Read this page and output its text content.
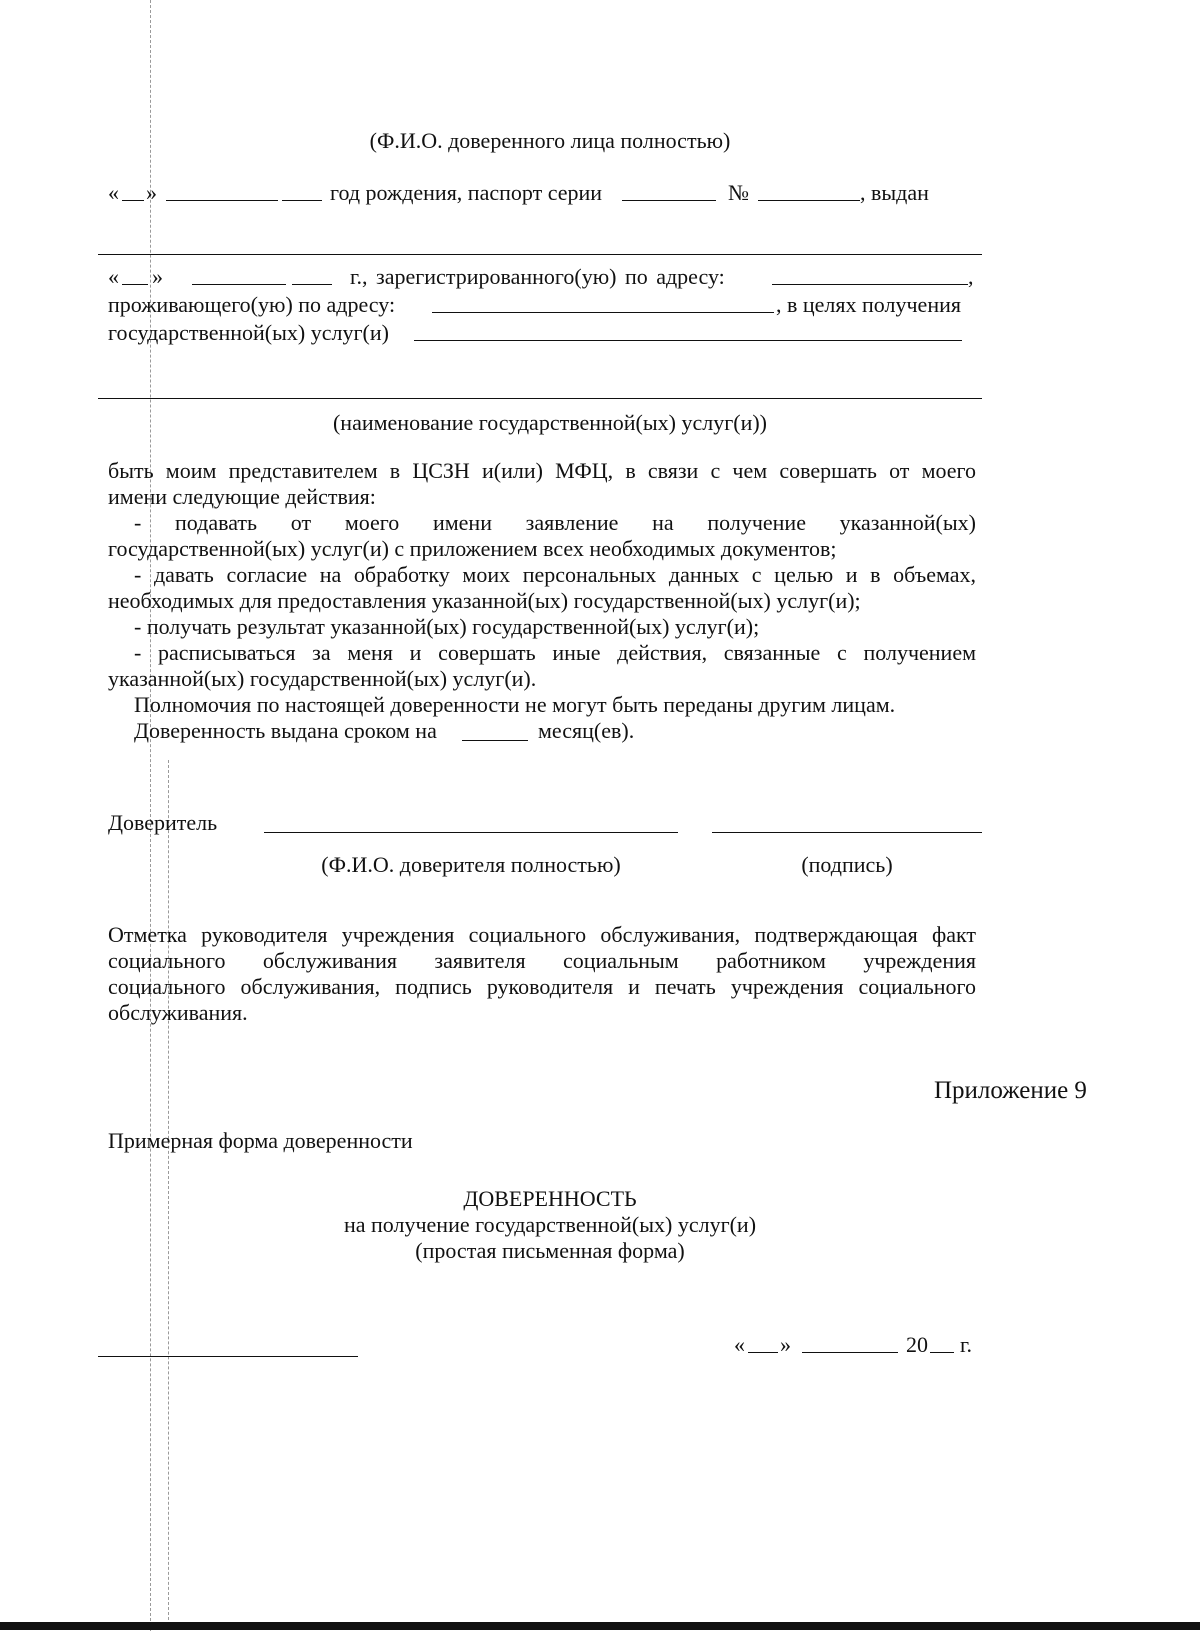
(Ф.И.О. доверенного лица полностью)
« »	год рождения, паспорт серии	№	, выдан
« »	г., зарегистрированного(ую) по адресу:	,
проживающего(ую) по адресу:	, в целях получения
государственной(ых) услуг(и)
(наименование государственной(ых) услуг(и))
быть моим представителем в ЦСЗН и(или) МФЦ, в связи с чем совершать от моего
имени следующие действия:
- подавать от моего имени заявление на получение указанной(ых)
государственной(ых) услуг(и) с приложением всех необходимых документов;
- давать согласие на обработку моих персональных данных с целью и в объемах,
необходимых для предоставления указанной(ых) государственной(ых) услуг(и);
- получать результат указанной(ых) государственной(ых) услуг(и);
- расписываться за меня и совершать иные действия, связанные с получением
указанной(ых) государственной(ых) услуг(и).
Полномочия по настоящей доверенности не могут быть переданы другим лицам.
Доверенность выдана сроком на	месяц(ев).
Доверитель
(Ф.И.О. доверителя полностью)	(подпись)
Отметка руководителя учреждения социального обслуживания, подтверждающая факт
социального обслуживания заявителя социальным работником учреждения
социального обслуживания, подпись руководителя и печать учреждения социального
обслуживания.
Приложение 9
Примерная форма доверенности
ДОВЕРЕННОСТЬ
на получение государственной(ых) услуг(и)
(простая письменная форма)
« »	20 г.
